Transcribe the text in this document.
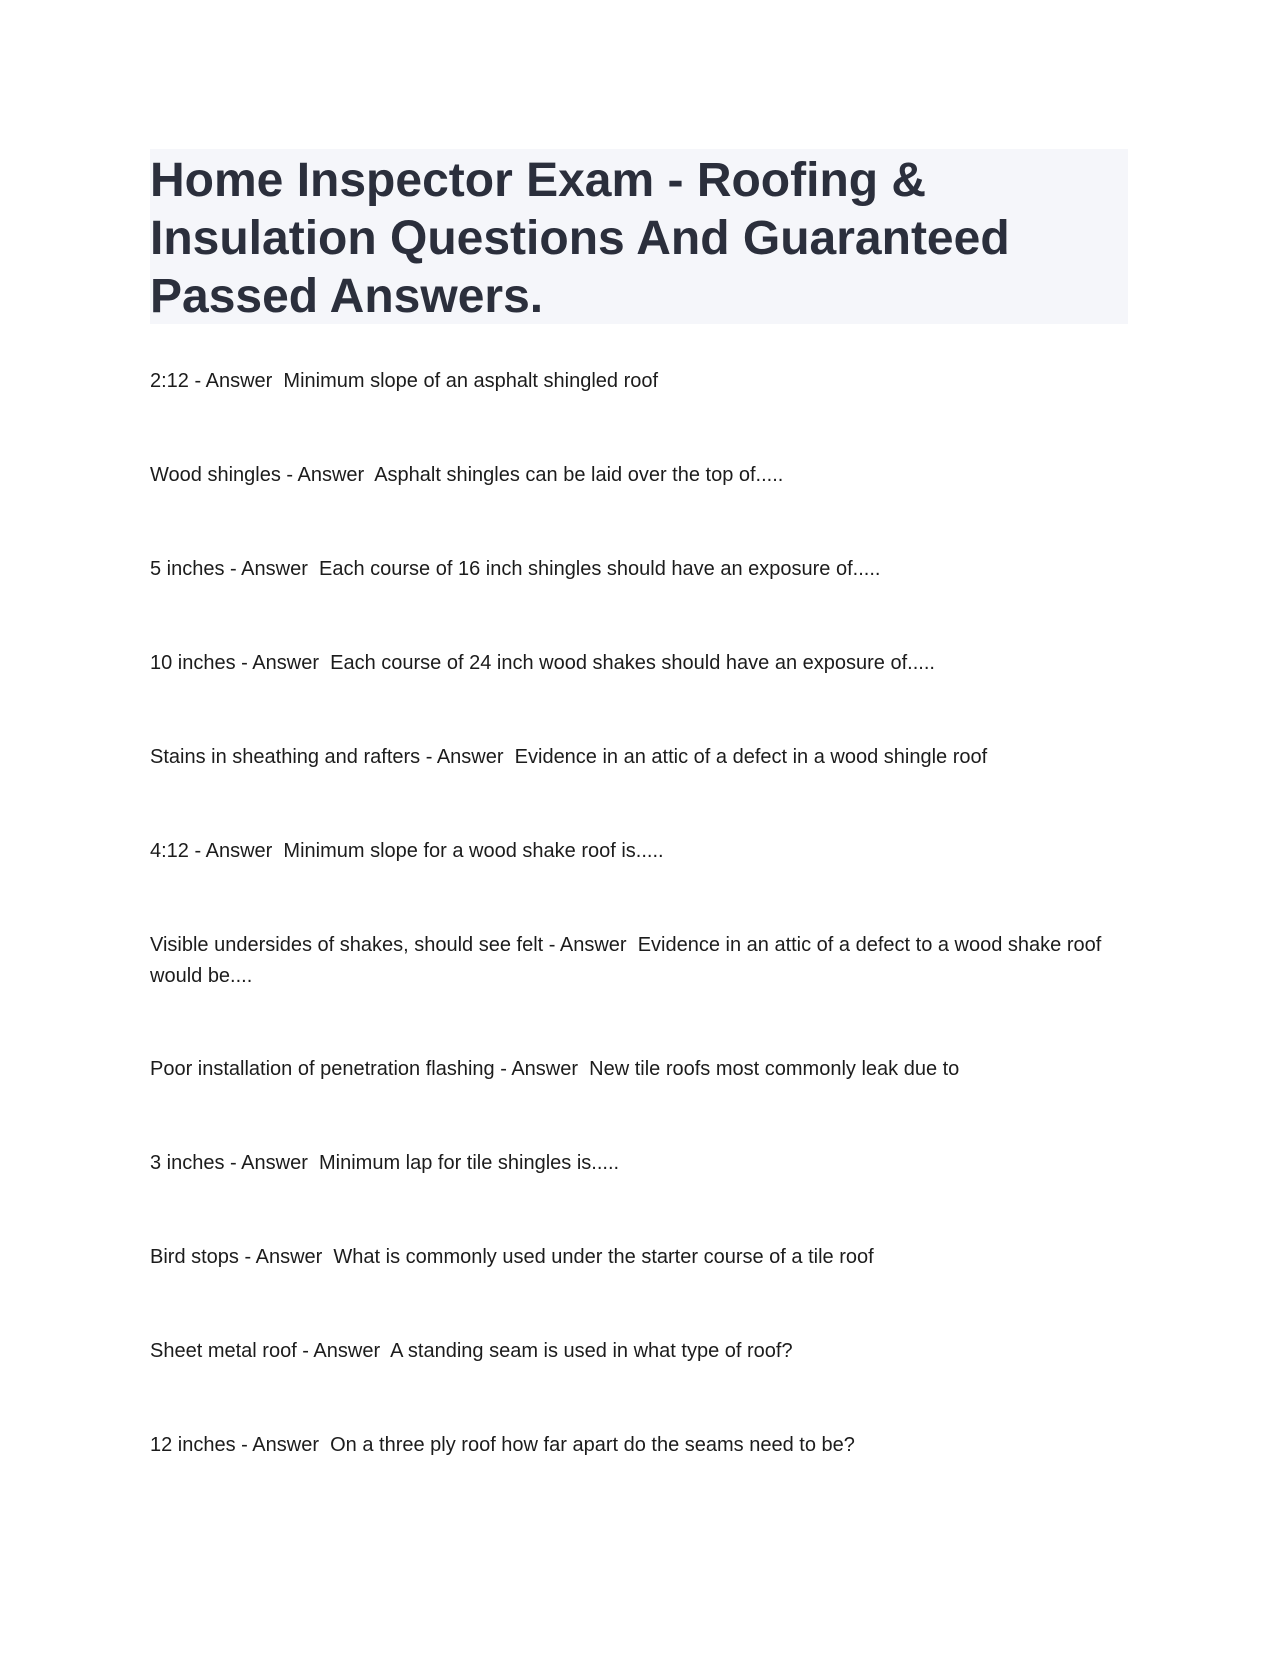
Home Inspector Exam - Roofing & Insulation Questions And Guaranteed Passed Answers.
2:12 - Answer  Minimum slope of an asphalt shingled roof
Wood shingles - Answer  Asphalt shingles can be laid over the top of.....
5 inches - Answer  Each course of 16 inch shingles should have an exposure of.....
10 inches - Answer  Each course of 24 inch wood shakes should have an exposure of.....
Stains in sheathing and rafters - Answer  Evidence in an attic of a defect in a wood shingle roof
4:12 - Answer  Minimum slope for a wood shake roof is.....
Visible undersides of shakes, should see felt - Answer  Evidence in an attic of a defect to a wood shake roof would be....
Poor installation of penetration flashing - Answer  New tile roofs most commonly leak due to
3 inches - Answer  Minimum lap for tile shingles is.....
Bird stops - Answer  What is commonly used under the starter course of a tile roof
Sheet metal roof - Answer  A standing seam is used in what type of roof?
12 inches - Answer  On a three ply roof how far apart do the seams need to be?
